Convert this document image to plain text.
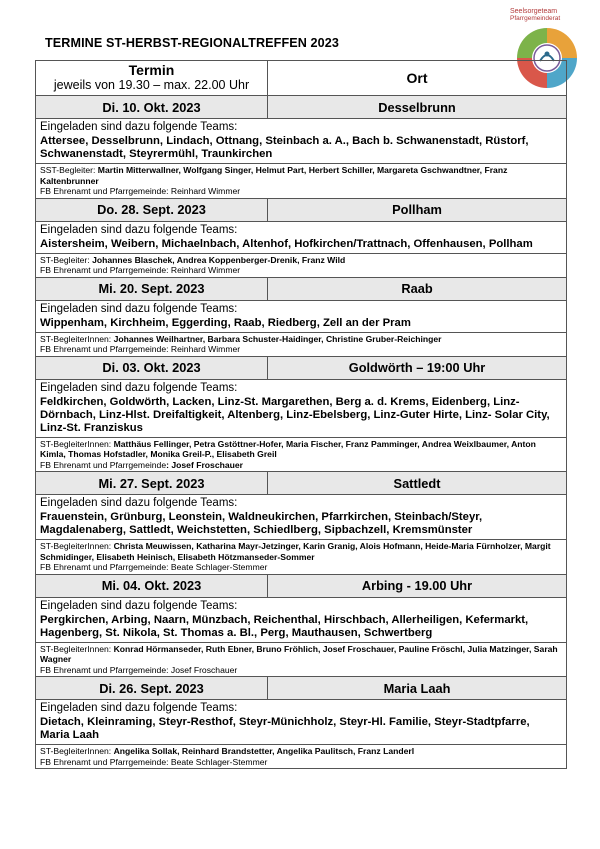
TERMINE ST-HERBST-REGIONALTREFFEN 2023
Seelsorgeteam
Pfarrgemeinderat
Termin
jeweils von 19.30 – max. 22.00 Uhr	Ort
Di. 10. Okt. 2023	Desselbrunn

Eingeladen sind dazu folgende Teams:
Attersee, Desselbrunn, Lindach, Ottnang, Steinbach a. A., Bach b. Schwanenstadt, Rüstorf, Schwanenstadt, Steyrermühl, Traunkirchen
SST-Begleiter: Martin Mitterwallner, Wolfgang Singer, Helmut Part, Herbert Schiller, Margareta Gschwandtner, Franz Kaltenbrunner
FB Ehrenamt und Pfarrgemeinde: Reinhard Wimmer	

Do. 28. Sept. 2023	Pollham

Eingeladen sind dazu folgende Teams:
Aistersheim, Weibern, Michaelnbach, Altenhof, Hofkirchen/Trattnach, Offenhausen, Pollham
ST-Begleiter: Johannes Blaschek, Andrea Koppenberger-Drenik, Franz Wild
FB Ehrenamt und Pfarrgemeinde: Reinhard Wimmer	

Mi. 20. Sept. 2023	Raab

Eingeladen sind dazu folgende Teams:
Wippenham, Kirchheim, Eggerding, Raab, Riedberg, Zell an der Pram
ST-BegleiterInnen: Johannes Weilhartner, Barbara Schuster-Haidinger, Christine Gruber-Reichinger
FB Ehrenamt und Pfarrgemeinde: Reinhard Wimmer	

Di. 03. Okt. 2023	Goldwörth – 19:00 Uhr

Eingeladen sind dazu folgende Teams:
Feldkirchen, Goldwörth, Lacken, Linz-St. Margarethen, Berg a. d. Krems, Eidenberg, Linz-Dörnbach, Linz-Hlst. Dreifaltigkeit, Altenberg, Linz-Ebelsberg, Linz-Guter Hirte, Linz- Solar City, Linz-St. Franziskus
ST-BegleiterInnen: Matthäus Fellinger, Petra Gstöttner-Hofer, Maria Fischer, Franz Pamminger, Andrea Weixlbaumer, Anton Kimla, Thomas Hofstadler, Monika Greil-P., Elisabeth Greil
FB Ehrenamt und Pfarrgemeinde: Josef Froschauer	

Mi. 27. Sept. 2023	Sattledt

Eingeladen sind dazu folgende Teams:
Frauenstein, Grünburg, Leonstein, Waldneukirchen, Pfarrkirchen, Steinbach/Steyr, Magdalenaberg, Sattledt, Weichstetten, Schiedlberg, Sipbachzell, Kremsmünster
ST-BegleiterInnen: Christa Meuwissen, Katharina Mayr-Jetzinger, Karin Granig, Alois Hofmann, Heide-Maria Fürnholzer, Margit Schmidinger, Elisabeth Heinisch, Elisabeth Hötzmanseder-Sommer
FB Ehrenamt und Pfarrgemeinde: Beate Schlager-Stemmer	

Mi. 04. Okt. 2023	Arbing - 19.00 Uhr

Eingeladen sind dazu folgende Teams:
Pergkirchen, Arbing, Naarn, Münzbach, Reichenthal, Hirschbach, Allerheiligen, Kefermarkt, Hagenberg, St. Nikola, St. Thomas a. Bl., Perg, Mauthausen, Schwertberg
ST-BegleiterInnen: Konrad Hörmanseder, Ruth Ebner, Bruno Fröhlich, Josef Froschauer, Pauline Fröschl, Julia Matzinger, Sarah Wagner
FB Ehrenamt und Pfarrgemeinde: Josef Froschauer	

Di. 26. Sept. 2023	Maria Laah

Eingeladen sind dazu folgende Teams:
Dietach, Kleinraming, Steyr-Resthof, Steyr-Münichholz, Steyr-Hl. Familie, Steyr-Stadtpfarre, Maria Laah
ST-BegleiterInnen: Angelika Sollak, Reinhard Brandstetter, Angelika Paulitsch, Franz Landerl
FB Ehrenamt und Pfarrgemeinde: Beate Schlager-Stemmer	
